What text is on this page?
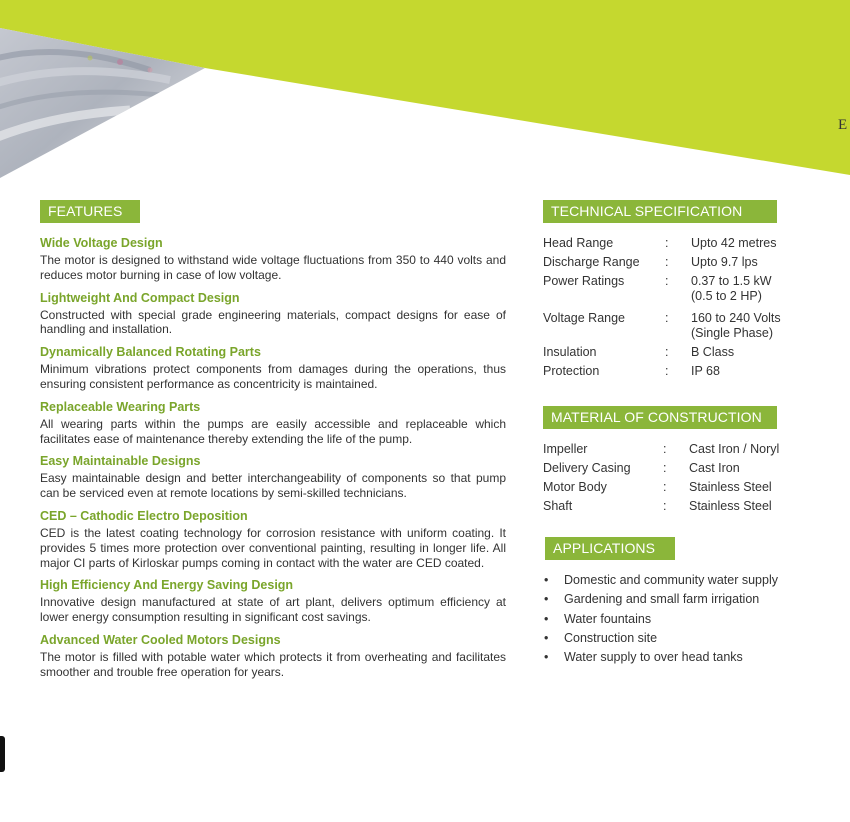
E
FEATURES
Wide Voltage Design

The motor is designed to withstand wide voltage fluctuations from 350 to 440 volts and reduces motor burning in case of low voltage.

Lightweight And Compact Design

Constructed with special grade engineering materials, compact designs for ease of handling and installation.

Dynamically Balanced Rotating Parts

Minimum vibrations protect components from damages during the operations, thus ensuring consistent performance as concentricity is maintained.

Replaceable Wearing Parts

All wearing parts within the pumps are easily accessible and replaceable which facilitates ease of maintenance thereby extending the life of the pump.

Easy Maintainable Designs

Easy maintainable design and better interchangeability of components so that pump can be serviced even at remote locations by semi-skilled technicians.

CED – Cathodic Electro Deposition

CED is the latest coating technology for corrosion resistance with uniform coating. It provides 5 times more protection over conventional painting, resulting in longer life. All major CI parts of Kirloskar pumps coming in contact with the water are CED coated.

High Efficiency And Energy Saving Design

Innovative design manufactured at state of art plant, delivers optimum efficiency at lower energy consumption resulting in significant cost savings.

Advanced Water Cooled Motors Designs

The motor is filled with potable water which protects it from overheating and facilitates smoother and trouble free operation for years.

TECHNICAL SPECIFICATION
Head Range	:	Upto 42 metres
Discharge Range	:	Upto 9.7 lps
Power Ratings	:	0.37 to 1.5 kW
(0.5 to 2 HP)

Voltage Range	:	160 to 240 Volts
(Single Phase)

Insulation	:	B Class
Protection	:	IP 68
MATERIAL OF CONSTRUCTION
Impeller	:	Cast Iron / Noryl
Delivery Casing	:	Cast Iron
Motor Body	:	Stainless Steel
Shaft	:	Stainless Steel
APPLICATIONS
• Domestic and community water supply
• Gardening and small farm irrigation
• Water fountains
• Construction site
• Water supply to over head tanks
